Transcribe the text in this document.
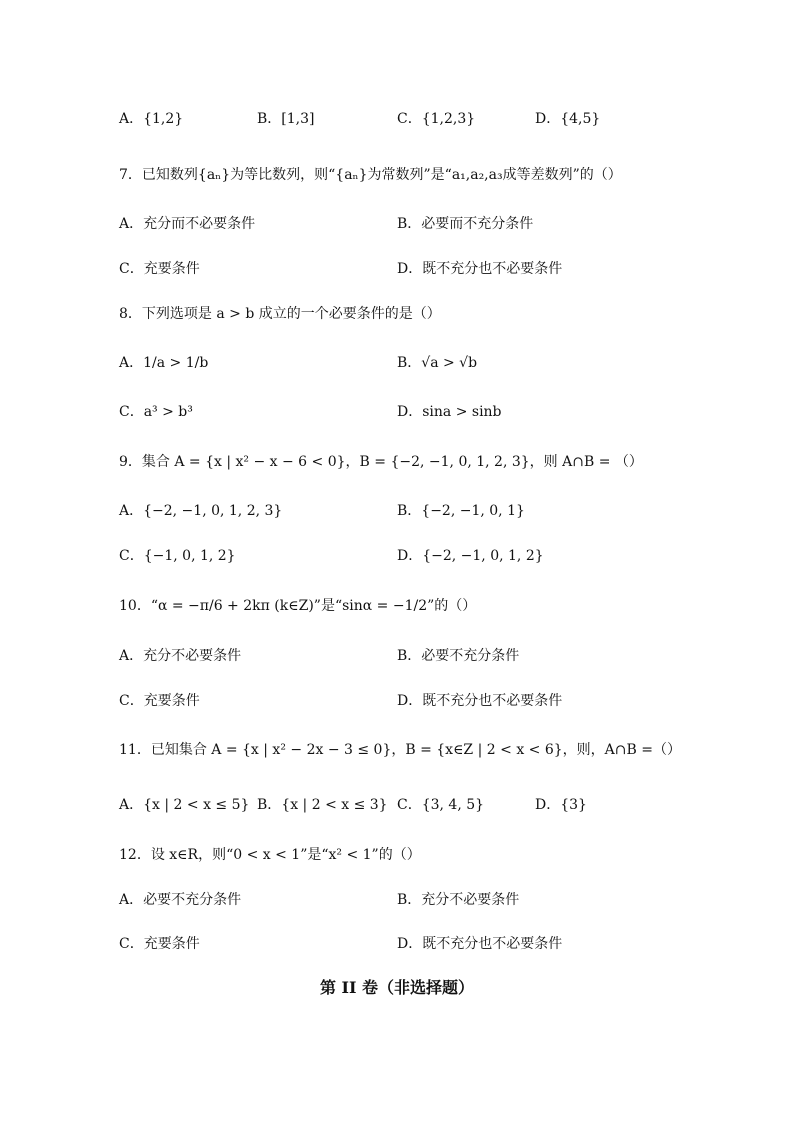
A．{1,2}	B．[1,3]	C．{1,2,3}	D．{4,5}
7．已知数列{aₙ}为等比数列，则“{aₙ}为常数列”是“a₁,a₂,a₃成等差数列”的（）
A．充分而不必要条件	B．必要而不充分条件
C．充要条件	D．既不充分也不必要条件
8．下列选项是 a > b 成立的一个必要条件的是（）
A．1/a > 1/b	B．√a > √b
C．a³ > b³	D．sina > sinb
9．集合 A = {x | x² − x − 6 < 0}，B = {−2, −1, 0, 1, 2, 3}，则 A∩B = （）
A．{−2, −1, 0, 1, 2, 3}	B．{−2, −1, 0, 1}
C．{−1, 0, 1, 2}	D．{−2, −1, 0, 1, 2}
10．“α = −π/6 + 2kπ (k∈Z)”是“sinα = −1/2”的（）
A．充分不必要条件	B．必要不充分条件
C．充要条件	D．既不充分也不必要条件
11．已知集合 A = {x | x² − 2x − 3 ≤ 0}，B = {x∈Z | 2 < x < 6}，则，A∩B =（）
A．{x | 2 < x ≤ 5} B．{x | 2 < x ≤ 3} C．{3, 4, 5}	D．{3}
12．设 x∈R，则“0 < x < 1”是“x² < 1”的（）
A．必要不充分条件	B．充分不必要条件
C．充要条件	D．既不充分也不必要条件
第 II 卷（非选择题）
